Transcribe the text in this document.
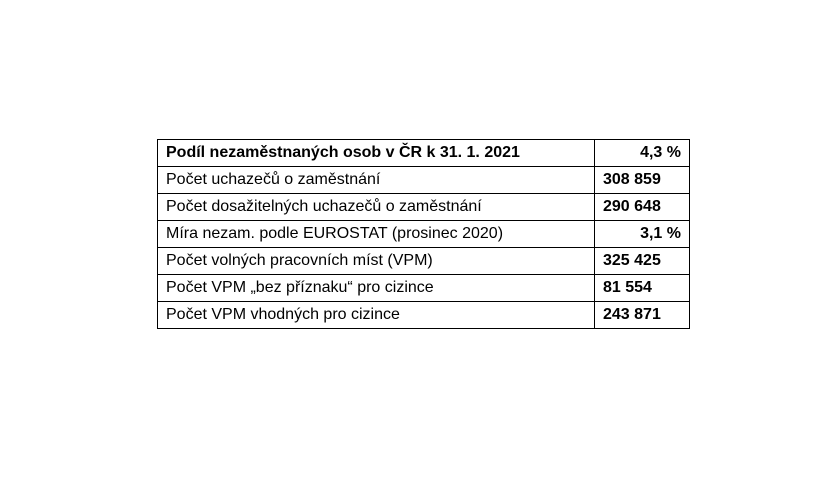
Podíl nezaměstnaných osob v ČR k 31. 1. 2021	4,3 %
Počet uchazečů o zaměstnání	308 859
Počet dosažitelných uchazečů o zaměstnání	290 648
Míra nezam. podle EUROSTAT (prosinec 2020)	3,1 %
Počet volných pracovních míst (VPM)	325 425
Počet VPM „bez příznaku“ pro cizince	81 554
Počet VPM vhodných pro cizince	243 871
